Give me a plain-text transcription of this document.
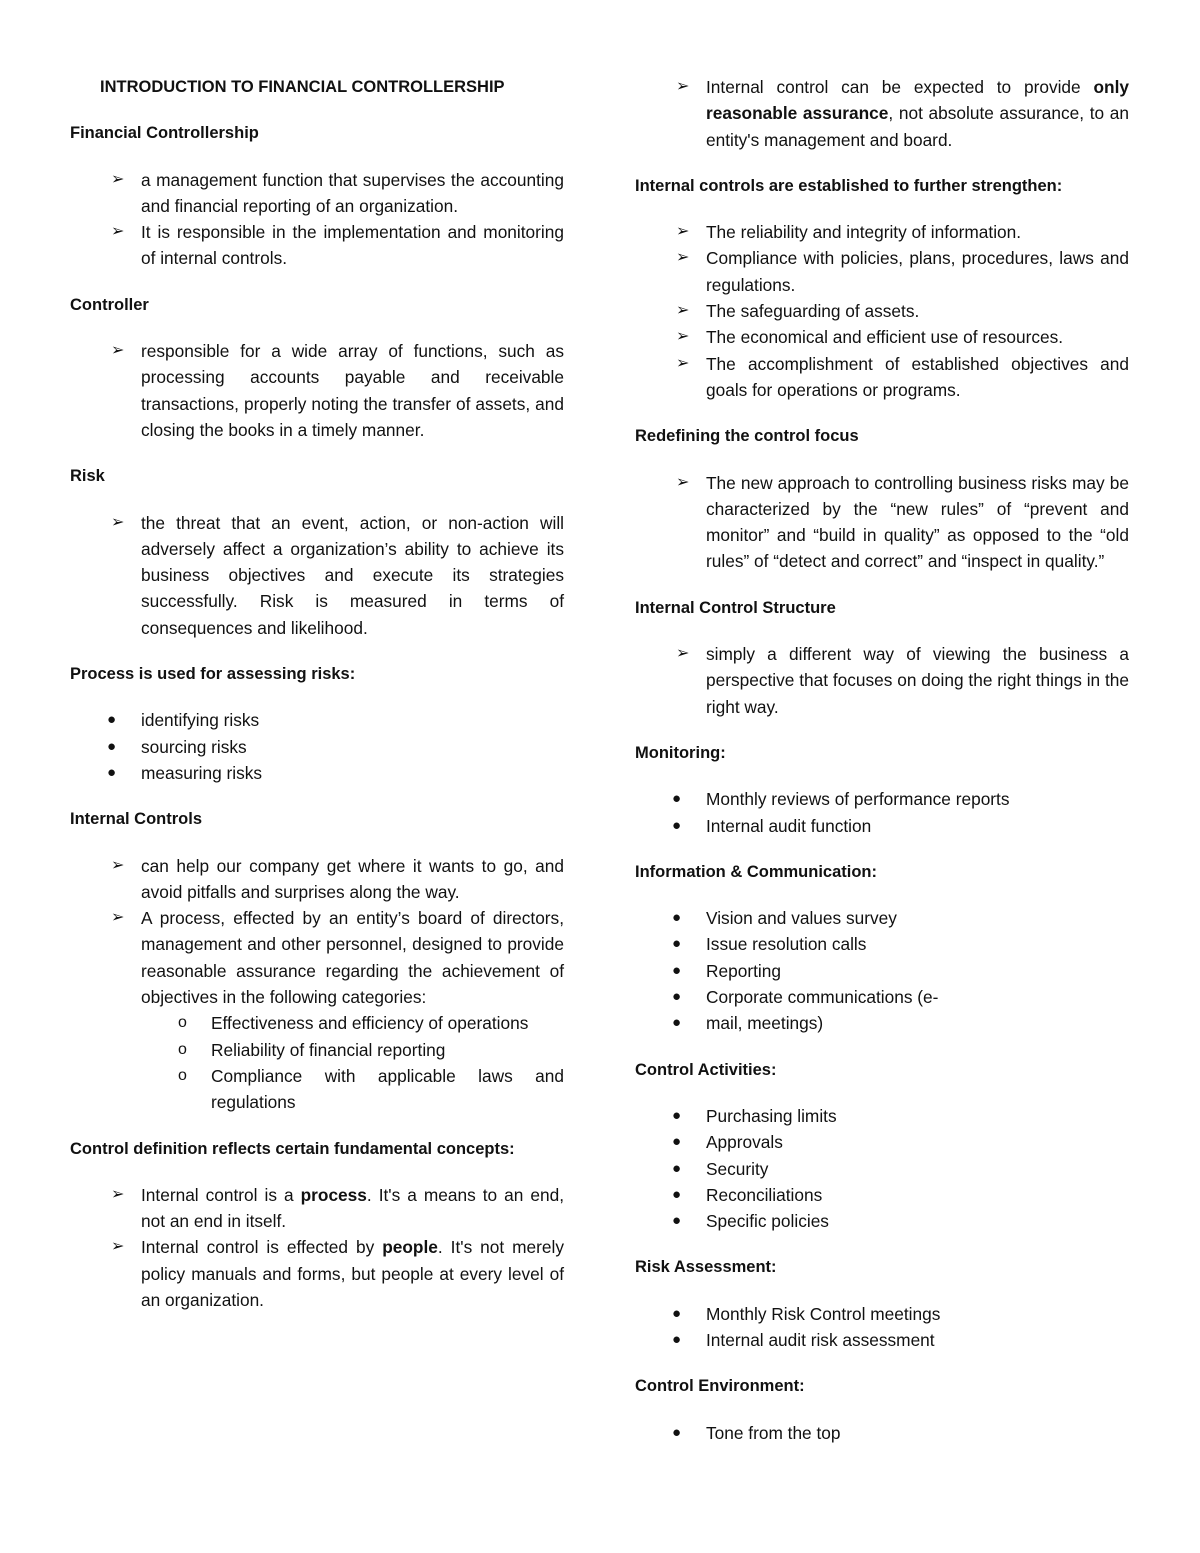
INTRODUCTION TO FINANCIAL CONTROLLERSHIP
Financial Controllership
➢ a management function that supervises the accounting and financial reporting of an organization.
➢ It is responsible in the implementation and monitoring of internal controls.
Controller
➢ responsible for a wide array of functions, such as processing accounts payable and receivable transactions, properly noting the transfer of assets, and closing the books in a timely manner.
Risk
➢ the threat that an event, action, or non-action will adversely affect a organization’s ability to achieve its business objectives and execute its strategies successfully. Risk is measured in terms of consequences and likelihood.
Process is used for assessing risks:
●	identifying risks
●	sourcing risks
●	measuring risks
Internal Controls
➢ can help our company get where it wants to go, and avoid pitfalls and surprises along the way.
➢ A process, effected by an entity’s board of directors, management and other personnel, designed to provide reasonable assurance regarding the achievement of objectives in the following categories:
o	Effectiveness and efficiency of operations
o	Reliability of financial reporting
o	Compliance with applicable laws and regulations
Control definition reflects certain fundamental concepts:
➢ Internal control is a process. It's a means to an end, not an end in itself.
➢ Internal control is effected by people. It's not merely policy manuals and forms, but people at every level of an organization.
➢ Internal control can be expected to provide only reasonable assurance, not absolute assurance, to an entity's management and board.
Internal controls are established to further strengthen:
➢ The reliability and integrity of information.
➢ Compliance with policies, plans, procedures, laws and regulations.
➢ The safeguarding of assets.
➢ The economical and efficient use of resources.
➢ The accomplishment of established objectives and goals for operations or programs.
Redefining the control focus
➢ The new approach to controlling business risks may be characterized by the “new rules” of “prevent and monitor” and “build in quality” as opposed to the “old rules” of “detect and correct” and “inspect in quality.”
Internal Control Structure
➢ simply a different way of viewing the business a perspective that focuses on doing the right things in the right way.
Monitoring:
●	Monthly reviews of performance reports
●	Internal audit function
Information & Communication:
●	Vision and values survey
●	Issue resolution calls
●	Reporting
●	Corporate communications (e-
●	mail, meetings)
Control Activities:
●	Purchasing limits
●	Approvals
●	Security
●	Reconciliations
●	Specific policies
Risk Assessment:
●	Monthly Risk Control meetings
●	Internal audit risk assessment
Control Environment:
●	Tone from the top
